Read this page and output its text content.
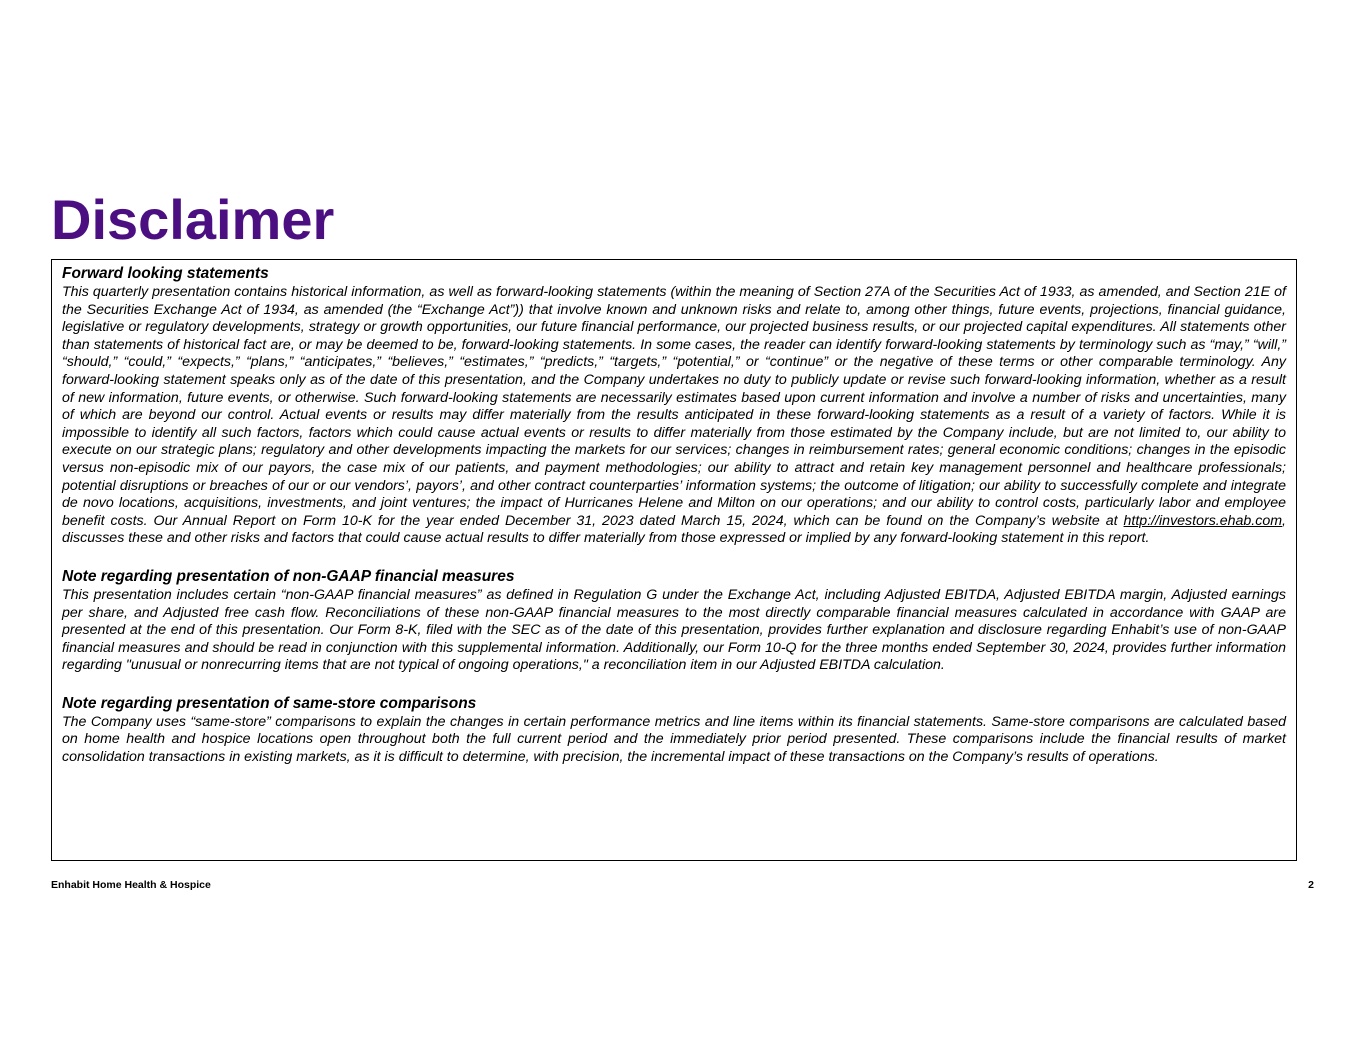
Disclaimer

Forward looking statements

This quarterly presentation contains historical information, as well as forward-looking statements (within the meaning of Section 27A of the Securities Act of 1933, as amended, and Section 21E of the Securities Exchange Act of 1934, as amended (the “Exchange Act”)) that involve known and unknown risks and relate to, among other things, future events, projections, financial guidance, legislative or regulatory developments, strategy or growth opportunities, our future financial performance, our projected business results, or our projected capital expenditures. All statements other than statements of historical fact are, or may be deemed to be, forward-looking statements. In some cases, the reader can identify forward-looking statements by terminology such as “may,” “will,” “should,” “could,” “expects,” “plans,” “anticipates,” “believes,” “estimates,” “predicts,” “targets,” “potential,” or “continue” or the negative of these terms or other comparable terminology. Any forward-looking statement speaks only as of the date of this presentation, and the Company undertakes no duty to publicly update or revise such forward-looking information, whether as a result of new information, future events, or otherwise. Such forward-looking statements are necessarily estimates based upon current information and involve a number of risks and uncertainties, many of which are beyond our control. Actual events or results may differ materially from the results anticipated in these forward-looking statements as a result of a variety of factors. While it is impossible to identify all such factors, factors which could cause actual events or results to differ materially from those estimated by the Company include, but are not limited to, our ability to execute on our strategic plans; regulatory and other developments impacting the markets for our services; changes in reimbursement rates; general economic conditions; changes in the episodic versus non-episodic mix of our payors, the case mix of our patients, and payment methodologies; our ability to attract and retain key management personnel and healthcare professionals; potential disruptions or breaches of our or our vendors’, payors’, and other contract counterparties’ information systems; the outcome of litigation; our ability to successfully complete and integrate de novo locations, acquisitions, investments, and joint ventures; the impact of Hurricanes Helene and Milton on our operations; and our ability to control costs, particularly labor and employee benefit costs. Our Annual Report on Form 10-K for the year ended December 31, 2023 dated March 15, 2024, which can be found on the Company’s website at http://investors.ehab.com, discusses these and other risks and factors that could cause actual results to differ materially from those expressed or implied by any forward-looking statement in this report.

Note regarding presentation of non-GAAP financial measures

This presentation includes certain “non-GAAP financial measures” as defined in Regulation G under the Exchange Act, including Adjusted EBITDA, Adjusted EBITDA margin, Adjusted earnings per share, and Adjusted free cash flow. Reconciliations of these non-GAAP financial measures to the most directly comparable financial measures calculated in accordance with GAAP are presented at the end of this presentation. Our Form 8-K, filed with the SEC as of the date of this presentation, provides further explanation and disclosure regarding Enhabit’s use of non-GAAP financial measures and should be read in conjunction with this supplemental information. Additionally, our Form 10-Q for the three months ended September 30, 2024, provides further information regarding "unusual or nonrecurring items that are not typical of ongoing operations," a reconciliation item in our Adjusted EBITDA calculation.

Note regarding presentation of same-store comparisons

The Company uses “same-store” comparisons to explain the changes in certain performance metrics and line items within its financial statements. Same-store comparisons are calculated based on home health and hospice locations open throughout both the full current period and the immediately prior period presented. These comparisons include the financial results of market consolidation transactions in existing markets, as it is difficult to determine, with precision, the incremental impact of these transactions on the Company’s results of operations.

Enhabit Home Health & Hospice	2
